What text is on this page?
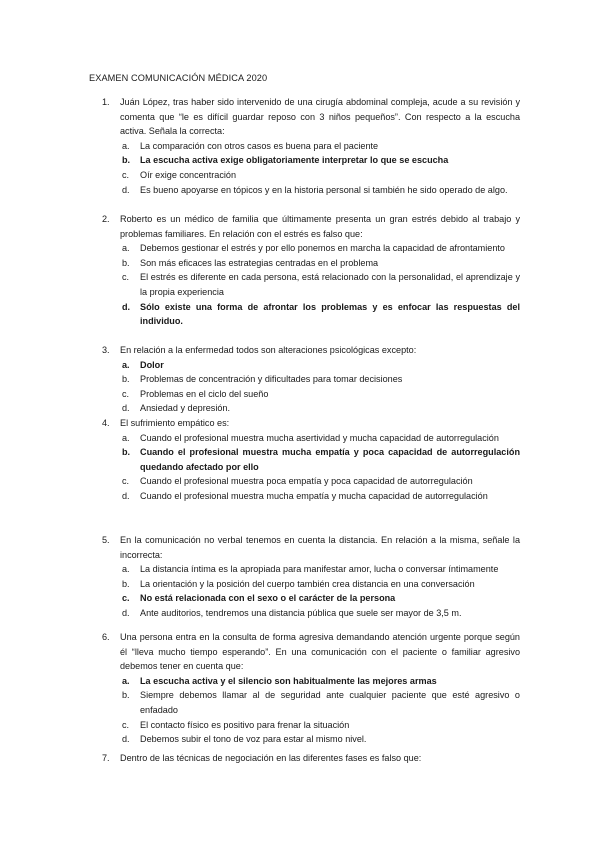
EXAMEN COMUNICACIÓN MÉDICA 2020
1. Juán López, tras haber sido intervenido de una cirugía abdominal compleja, acude a su revisión y comenta que “le es difícil guardar reposo con 3 niños pequeños”. Con respecto a la escucha activa. Señala la correcta:
a. La comparación con otros casos es buena para el paciente
b. La escucha activa exige obligatoriamente interpretar lo que se escucha
c. Oír exige concentración
d. Es bueno apoyarse en tópicos y en la historia personal si también he sido operado de algo.
2. Roberto es un médico de familia que últimamente presenta un gran estrés debido al trabajo y problemas familiares. En relación con el estrés es falso que:
a. Debemos gestionar el estrés y por ello ponemos en marcha la capacidad de afrontamiento
b. Son más eficaces las estrategias centradas en el problema
c. El estrés es diferente en cada persona, está relacionado con la personalidad, el aprendizaje y la propia experiencia
d. Sólo existe una forma de afrontar los problemas y es enfocar las respuestas del individuo.
3. En relación a la enfermedad todos son alteraciones psicológicas excepto:
a. Dolor
b. Problemas de concentración y dificultades para tomar decisiones
c. Problemas en el ciclo del sueño
d. Ansiedad y depresión.
4. El sufrimiento empático es:
a. Cuando el profesional muestra mucha asertividad y mucha capacidad de autorregulación
b. Cuando el profesional muestra mucha empatía y poca capacidad de autorregulación quedando afectado por ello
c. Cuando el profesional muestra poca empatía y poca capacidad de autorregulación
d. Cuando el profesional muestra mucha empatía y mucha capacidad de autorregulación
5. En la comunicación no verbal tenemos en cuenta la distancia. En relación a la misma, señale la incorrecta:
a. La distancia íntima es la apropiada para manifestar amor, lucha o conversar íntimamente
b. La orientación y la posición del cuerpo también crea distancia en una conversación
c. No está relacionada con el sexo o el carácter de la persona
d. Ante auditorios, tendremos una distancia pública que suele ser mayor de 3,5 m.
6. Una persona entra en la consulta de forma agresiva demandando atención urgente porque según él “lleva mucho tiempo esperando”. En una comunicación con el paciente o familiar agresivo debemos tener en cuenta que:
a. La escucha activa y el silencio son habitualmente las mejores armas
b. Siempre debemos llamar al de seguridad ante cualquier paciente que esté agresivo o enfadado
c. El contacto físico es positivo para frenar la situación
d. Debemos subir el tono de voz para estar al mismo nivel.
7. Dentro de las técnicas de negociación en las diferentes fases es falso que:
